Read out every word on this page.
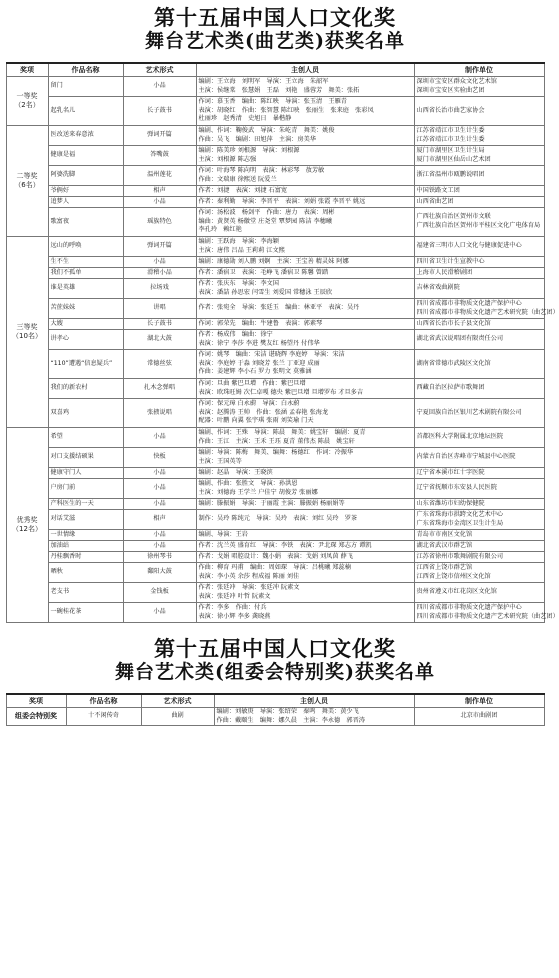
第十五届中国人口文化奖
舞台艺术类(曲艺类)获奖名单
奖项	作品名称	艺术形式	主创人员	制作单位

一等奖
（2名）	留门	小品	编剧：王立海　刘明军　导演：王立海　朱韶军
主演：侯继棠　张慧娟　王磊　刘艳　盛蓉芳　舞美：张拓	深圳市宝安区群众文化艺术馆
深圳市宝安区实验曲艺团

	起乳名儿	长子鼓书	作词：慕玉香　编曲：陈红映　导演：张玉清　王雁青
表演：胡晓红　作曲：张智慧 陈红映　张丽生　张来庭　张彩凤
杜丽珍　赵秀清　史旭日　暴楷静	山西省长治市曲艺家协会

二等奖
（6名）	医改送来春意浓	弹词开篇	编剧、作词：鞠俊武　导演：朱屹青　舞美：姚俊
作曲：吴飞　编剧：田旭萍　主演：房美华	江苏省靖江市卫生计生委
江苏省靖江市卫生计生委

	健康是福	答嘴鼓	编剧：陈美珍 刘根源　导演：刘根源
主演：刘根源 陈志强	厦门市湖里区卫生计生局
厦门市湖里区仙岳山艺术团

	阿婆洗脚	温州莲花	作词：叶海琴 陈向明　表演：林彩琴　敖芳敏
作曲：文瑞康 徐熙送 阮爱兰	浙江省温州市瓯鹏说唱团

	爷俩好	相声	作者：刘捷　表演：刘捷 石富宽	中国铁路文工团

	追梦人	小品	作者：秦利勤　导演：李晋平　表演：刘娟 张霞 李晋平 姚远	山西省曲艺团

	歌富夜	瑶族特色	作词：汤松波　杨剑平　作曲：唐力　表演：周彬
编曲：黄贤英 杨徽堂 庄尧堂 覃梦园 陈洁 李穗曦
李孔玲　赖红艳	广西壮族自治区贺州市文联
广西壮族自治区贺州市平桂区文化广电体育局

三等奖
（10名）	远山的呼唤	弹词开篇	编剧：王跃海　导演：李海颖
主演：唐伟 吕品 王莉莉 江文熙	福建省三明市人口文化与健康促进中心

	生不生	小品	编剧：康德勋 刘人鹏 刘婀　主演：王宝善 精灵妹 阿娜	四川省卫生计生宣教中心

	我们不孤单	滑稽小品	作者：潘宿卫　表演：毛峥飞 潘宿卫 陈馨 曾踏	上海市人民滑稽剧团

	谁是英雄	拉场戏	作者：张庆东　导演：李文国
表演：潘喆 孙思宏 闫雪生 刘爱国 常穗泳 王辰欣	吉林省戏曲剧院

	苦蔗妹妹	讲唱	作者：张宛全　导演：张廷玉　编曲：林亚平　表演：吴丹	四川省成都市非物质文化遗产保护中心
四川省成都市非物质文化遗产艺术研究院（曲艺团）

	大嫂	长子鼓书	作词：郭荣先　编曲：牛建鲁　表演：郭素琴	山西省长治市长子县文化馆

	讲孝心	湖北大鼓	作者：杨成伟　编曲：徐宁
表演：徐宁 李莎 李进 樊友红 杨望丹 付伟华	湖北省武汉说唱团有限责任公司

	“110”遭遇“信息疑兵”	常德丝弦	作词：姚琴　编曲：宋洁 谌晓辉 李庭婷　导演：宋洁
表演：李庭婷 于淼 刘晓芳 张兰 丁亚迎 成丽
作曲：姜建辉 李小石 罗力 张明文 莫雅涵	湖南省常德市武陵区文化馆

	我们的新农村	扎木念弹唱	作词：旦曲 紫巴旦增　作曲：紫巴旦增
表演：欧珠旺姆 次仁卓嘎 德央 紫巴旦增 旦增罗布 才旦多吉	西藏自治区拉萨市歌舞团

	双喜鸡	张掖说唱	作词：保元璋 白永蔚　导演：白永蔚
表演：赵腾涛 王帅　作曲：张涵 孟春艳 张海龙
配器：叶鹏 向翼 张宇琪 张雨 刘笑瑜 门天	宁夏回族自治区银川艺术剧院有限公司

优秀奖
（12名）	希望	小品	编剧、作词：王殊　导演：陈晨　舞美：姚宝轩　编剧：夏青
作曲：王江　主演：王禾 王珏 夏青 董伟杰 陈晨　姚宝轩	首都医科大学附属北京地坛医院

	对口支援结硕果	快板	编剧：导演：陈梅　舞美、编舞：杨德红　作词：冷振华
主演：王国英等	内蒙古自治区赤峰市宁城县中心医院

	健康守门人	小品	编剧：赵晶　导演：王晓滨	辽宁省本溪市红十字医院

	户房门前	小品	编剧、作曲：张胜文　导演：孙洪恩
主演：刘德海 王学兰 户佳宁 胡俊芳 张丽娜	辽宁省抚顺市东安县人民医院

	产科医生的一天	小品	编剧：滕振娟　导演：于丽霞 主演：滕振娟 杨丽娟等	山东省潍坊市妇幼保健院

	对话艾滋	相声	制作：吴玲 陈纯元　导演：吴玲　表演：刘红 吴玲　罗茶	广东省珠海市拱跨文化艺术中心
广东省珠海市金湾区卫生计生局

	一世情缘	小品	编剧、导演：王岩	青岛市市南区文化馆

	加油站	小品	作者：沈兰英 盛育红　导演：李铁　表演：尹北琛 郑志方 谭凯	湖北省武汉市群艺馆

	丹桂飘香时	徐州琴书	作者：戈娟 唱腔设计：魏小娟　表演：戈娟 刘凤茵 薛飞	江苏省徐州市歌舞剧院有限公司

	晒秋	鄱阳大鼓	作曲：柳育 玛甫　编曲：周如琛　导演：吕桃曦 郑蕊楠
表演：李小英 余莎 程成福 陈丽 刘佳	江西省上饶市群艺馆
江西省上饶市信州区文化馆

	老支书	金钱板	作者：张廷冲　导演：张廷冲 阮素文
表演：张廷冲 叶哲 阮素文	贵州省遵义市红花岗区文化馆

	一碗桂花茶	小品	作者：李多　作曲：付兵
表演：徐小辉 李多 龚晓燕	四川省成都市非物质文化遗产保护中心
四川省成都市非物质文化遗产艺术研究院（曲艺团）
第十五届中国人口文化奖
舞台艺术类(组委会特别奖)获奖名单
奖项	作品名称	艺术形式	主创人员	制作单位
组委会特别奖	十不闲传奇	曲剧	编剧：刘敏庚　导演：张绍荣　秦鸣　舞美：黄少飞
作曲：戴颐生　编舞：娜久晨　主演：李永德　郭晋涛	北京市曲剧团
